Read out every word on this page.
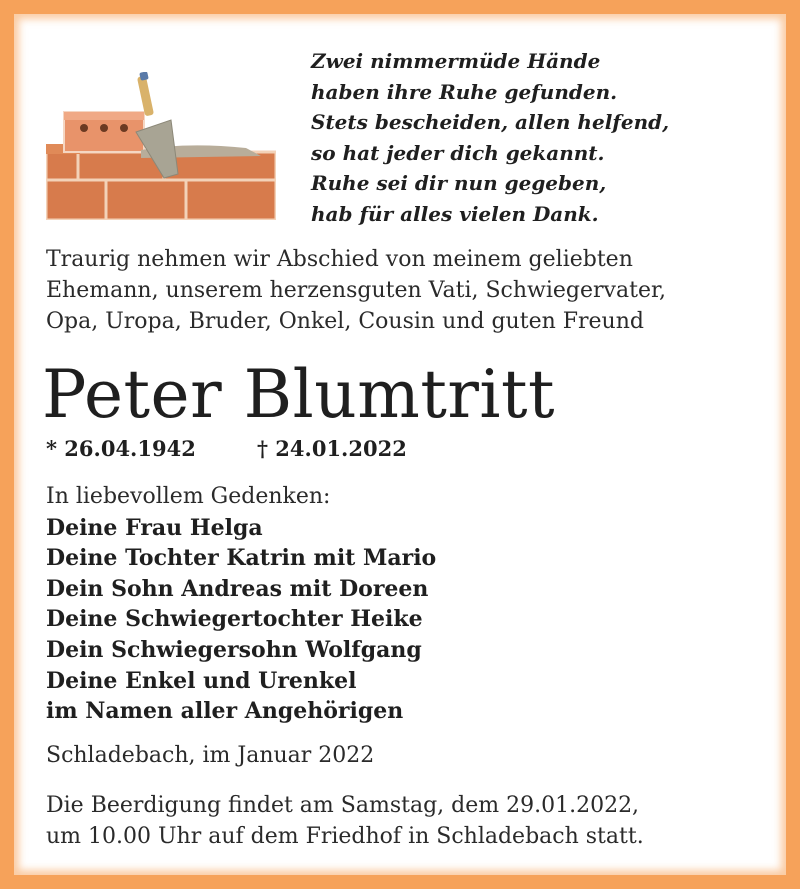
Zwei nimmermüde Hände
haben ihre Ruhe gefunden.
Stets bescheiden, allen helfend,
so hat jeder dich gekannt.
Ruhe sei dir nun gegeben,
hab für alles vielen Dank.
Traurig nehmen wir Abschied von meinem geliebten
Ehemann, unserem herzensguten Vati, Schwiegervater,
Opa, Uropa, Bruder, Onkel, Cousin und guten Freund
Peter Blumtritt
* 26.04.1942	† 24.01.2022
In liebevollem Gedenken:
Deine Frau Helga
Deine Tochter Katrin mit Mario
Dein Sohn Andreas mit Doreen
Deine Schwiegertochter Heike
Dein Schwiegersohn Wolfgang
Deine Enkel und Urenkel
im Namen aller Angehörigen
Schladebach, im Januar 2022
Die Beerdigung findet am Samstag, dem 29.01.2022,
um 10.00 Uhr auf dem Friedhof in Schladebach statt.
